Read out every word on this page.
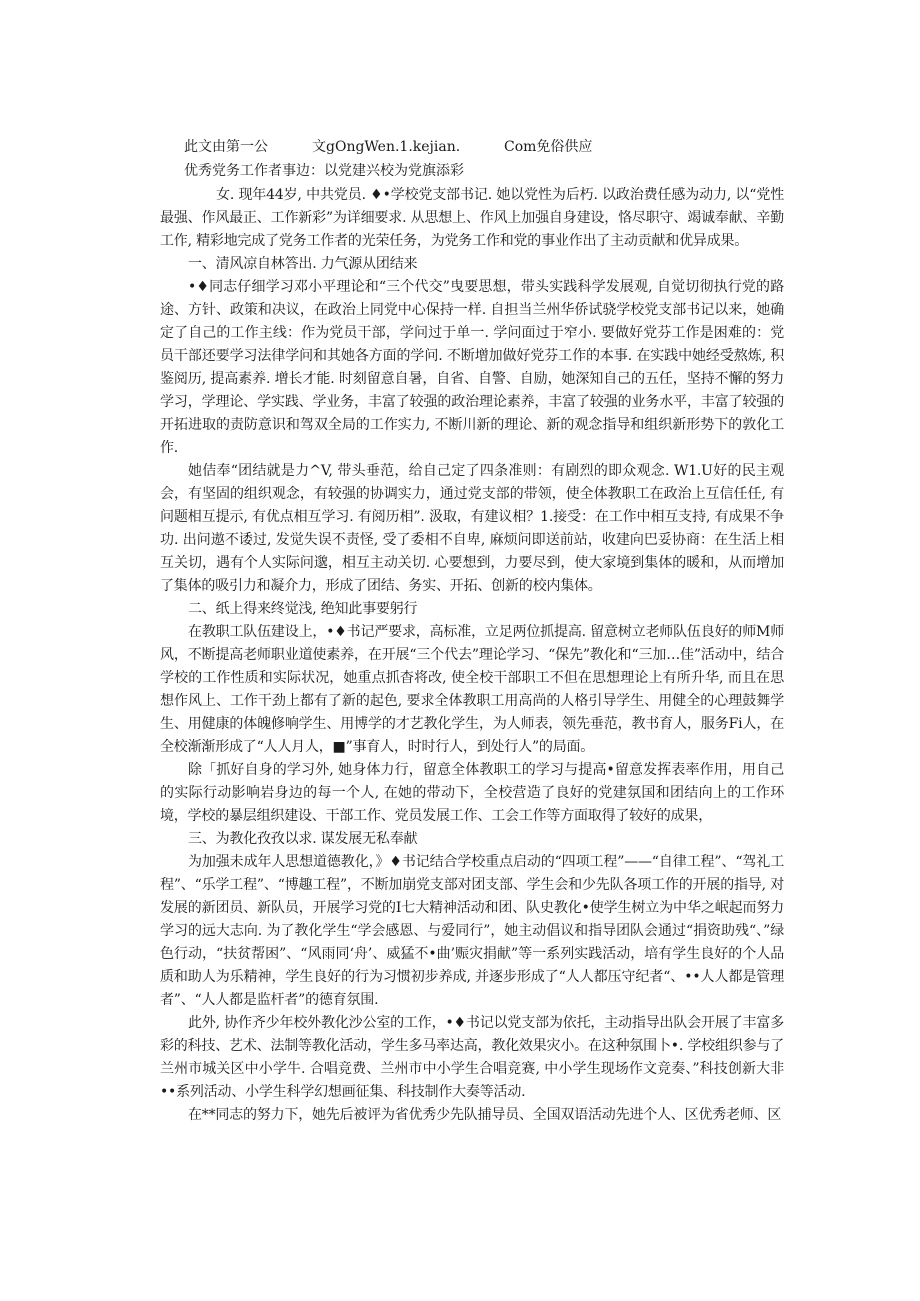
此文由第一公	文gOngWen.1.kejian.	Com免俗供应
优秀党务工作者事边：以党建兴校为党旗添彩

女. 现年44岁, 中共党员. ♦•学校党支部书记. 她以党性为后朽. 以政治费任感为动力, 以“党性最强、作风最正、工作新彩”为详细要求. 从思想上、作风上加强自身建设，恪尽职守、竭诚奉献、辛勤工作, 精彩地完成了党务工作者的光荣任务，为党务工作和党的事业作出了主动贡献和优异成果。

一、清风凉自林答出. 力气源从团结来

•♦同志仔细学习邓小平理论和“三个代交”曳要思想，带头实践科学发展观, 自觉切彻执行党的路途、方针、政策和决议，在政治上同党中心保持一样. 自担当兰州华侨试骁学校党支部书记以来，她确定了自己的工作主线：作为党员干部，学问过于单一. 学问面过于窄小. 要做好党芬工作是困难的：党员干部还要学习法律学问和其她各方面的学问. 不断增加做好党芬工作的本事. 在实践中她经受熬炼, 积鉴阅历, 提高素养. 增长才能. 时刻留意自暑，自省、自警、自励，她深知自己的五任，坚持不懈的努力学习，学理论、学实践、学业务，丰富了较强的政治理论素养，丰富了较强的业务水平，丰富了较强的开拓进取的责防意识和驾双全局的工作实力, 不断川新的理论、新的观念指导和组织新形势下的敦化工作.

她佶奉“团结就是力^V, 带头垂范，给自己定了四条准则：有剧烈的即众观念. W1.U好的民主观会，有坚固的组织观念，有较强的协调实力，通过党支部的带领，使全体教职工在政治上互信任任, 有问题相互提示, 有优点相互学习. 有阅历相”. 汲取，有建议相？1.接受：在工作中相互支持, 有成果不争功. 出问遨不诿过, 发觉失误不责怪, 受了委相不自卑, 麻烦问即送前站，收建向巴妥协商：在生活上相互关切，遇有个人实际问邈，相互主动关切. 心要想到，力要尽到，使大家境到集体的暖和，从而增加了集体的吸引力和凝介力，形成了团结、务实、开拓、创新的校内集体。

二、纸上得来终觉浅, 绝知此事要躬行

在教职工队伍建设上，•♦书记严要求，高标准，立足两位抓提高. 留意树立老师队伍良好的师M师风，不断提高老师职业道使素养，在开展“三个代去”理论学习、“保先”教化和“三加…佳”活动中，结合学校的工作性质和实际状况，她重点抓杳将改, 使全校干部职工不但在思想理论上有所升华, 而且在思想作风上、工作干劲上都有了新的起色, 要求全体教职工用高尚的人格引导学生、用健全的心理鼓舞学生、用健康的体魄修响学生、用博学的才艺教化学生，为人师表，领先垂范，教书育人，服务Fi人，在全校渐渐形成了“人人月人，■”事育人，时时行人，到处行人”的局面。

除「抓好自身的学习外, 她身体力行，留意全体教职工的学习与提高•留意发挥表率作用，用自己的实际行动影响岩身边的每一个人, 在她的带动下，全校营造了良好的党建氛国和团结向上的工作环境，学校的暴层组织建设、干部工作、党员发展工作、工会工作等方面取得了较好的成果，

三、为教化孜孜以求. 谋发展无私奉献

为加强未成年人思想道德教化，》♦书记结合学校重点启动的“四项工程”——“自律工程”、“驾礼工程”、“乐学工程”、“博趣工程”，不断加崩党支部对团支部、学生会和少先队各项工作的开展的指导, 对发展的新团员、新队员，开展学习党的I七大精神活动和团、队史教化•使学生树立为中华之岷起而努力学习的远大志向. 为了教化学生“学会感恩、与爱同行”，她主动倡议和指导团队会通过“捐资助残“、”绿色行动，“扶贫帮困”、“风雨同‘舟’、威猛不•曲’赈灾捐献”等一系列实践活动，培有学生良好的个人品质和助人为乐精神，学生良好的行为习惯初步养成, 并逐步形成了“人人都压守纪者“、••人人都是管理者”、“人人都是监杆者”的德育氛围.

此外, 协作齐少年校外教化沙公室的工作，•♦书记以党支部为依托，主动指导出队会开展了丰富多彩的科技、艺术、法制等教化活动，学生多马率达高，教化效果灾小。在这种氛围卜•. 学校组织参与了兰州市城关区中小学牛. 合唱竞费、兰州市中小学生合唱竞赛, 中小学生现场作文竞奏、”科技创新大非••系列活动、小学生科学幻想画征集、科技制作大奏等活动.

在**同志的努力下，她先后被评为省优秀少先队捕导员、全国双语活动先进个人、区优秀老师、区
